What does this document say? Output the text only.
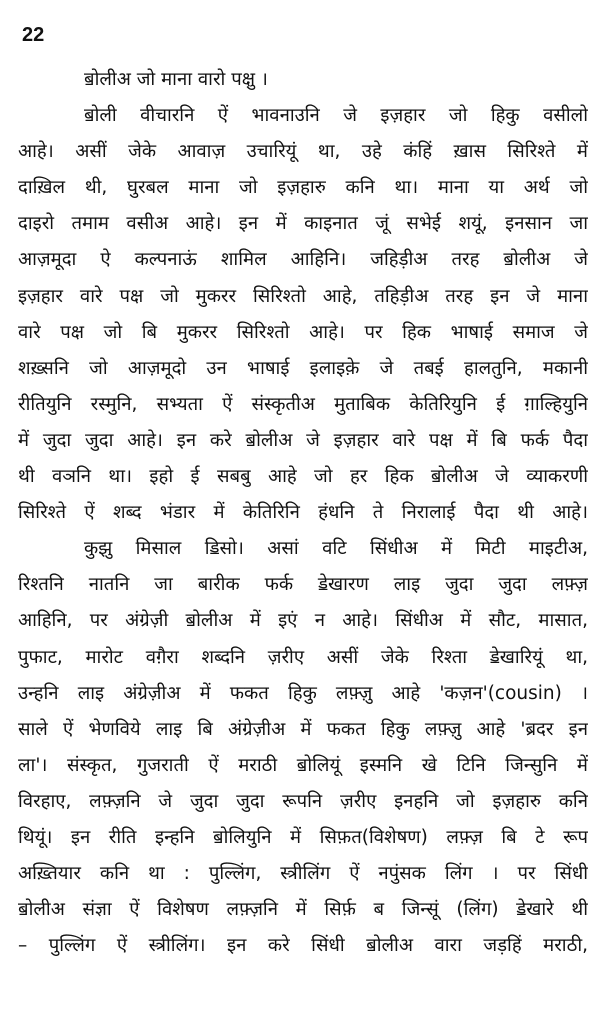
22
ॿोलीअ जो माना वारो पक्षु ।
ॿोली वीचारनि ऐं भावनाउनि जे इज़हार जो हिकु वसीलो
आहे। असीं जेके आवाज़ उचारियूं था, उहे कंहिं ख़ास सिरिश्ते में
दाख़िल थी, घुरबल माना जो इज़हारु कनि था। माना या अर्थ जो
दाइरो तमाम वसीअ आहे। इन में काइनात जूं सभेई शयूं, इनसान जा
आज़मूदा ऐ कल्पनाऊं शामिल आहिनि। जहिड़ीअ तरह ॿोलीअ जे
इज़हार वारे पक्ष जो मुकरर सिरिश्तो आहे, तहिड़ीअ तरह इन जे माना
वारे पक्ष जो बि मुकरर सिरिश्तो आहे। पर हिक भाषाई समाज जे
शख़्सनि जो आज़मूदो उन भाषाई इलाइक़े जे तबई हालतुनि, मकानी
रीतियुनि रस्मुनि, सभ्यता ऐं संस्कृतीअ मुताबिक केतिरियुनि ई ग़ाल्हियुनि
में जुदा जुदा आहे। इन करे ॿोलीअ जे इज़हार वारे पक्ष में बि फर्क पैदा
थी वञनि था। इहो ई सबबु आहे जो हर हिक ॿोलीअ जे व्याकरणी
सिरिश्ते ऐं शब्द भंडार में केतिरिनि हंधनि ते निरालाई पैदा थी आहे।
कुझु मिसाल ॾिसो। असां वटि सिंधीअ में मिटी माइटीअ,
रिश्तनि नातनि जा बारीक फर्क ॾेखारण लाइ जुदा जुदा लफ़्ज़
आहिनि, पर अंग्रेज़ी ॿोलीअ में इएं न आहे। सिंधीअ में सौट, मासात,
पुफाट, मारोट वग़ैरा शब्दनि ज़रीए असीं जेके रिश्ता ॾेखारियूं था,
उन्हनि लाइ अंग्रेज़ीअ में फकत हिकु लफ़्ज़ु आहे 'कज़न'(cousin) ।
साले ऐं भेणविये लाइ बि अंग्रेज़ीअ में फकत हिकु लफ़्ज़ु आहे 'ब्रदर इन
ला'। संस्कृत, गुजराती ऐं मराठी ॿोलियूं इस्मनि खे टिनि जिन्सुनि में
विरहाए, लफ़्ज़नि जे जुदा जुदा रूपनि ज़रीए इनहनि जो इज़हारु कनि
थियूं। इन रीति इन्हनि ॿोलियुनि में सिफ़त(विशेषण) लफ़्ज़ बि टे रूप
अख़्तियार कनि था : पुल्लिंग, स्त्रीलिंग ऐं नपुंसक लिंग । पर सिंधी
ॿोलीअ संज्ञा ऐं विशेषण लफ़्ज़नि में सिर्फ़ ब जिन्सूं (लिंग) ॾेखारे थी
– पुल्लिंग ऐं स्त्रीलिंग। इन करे सिंधी ॿोलीअ वारा जड़हिं मराठी,
